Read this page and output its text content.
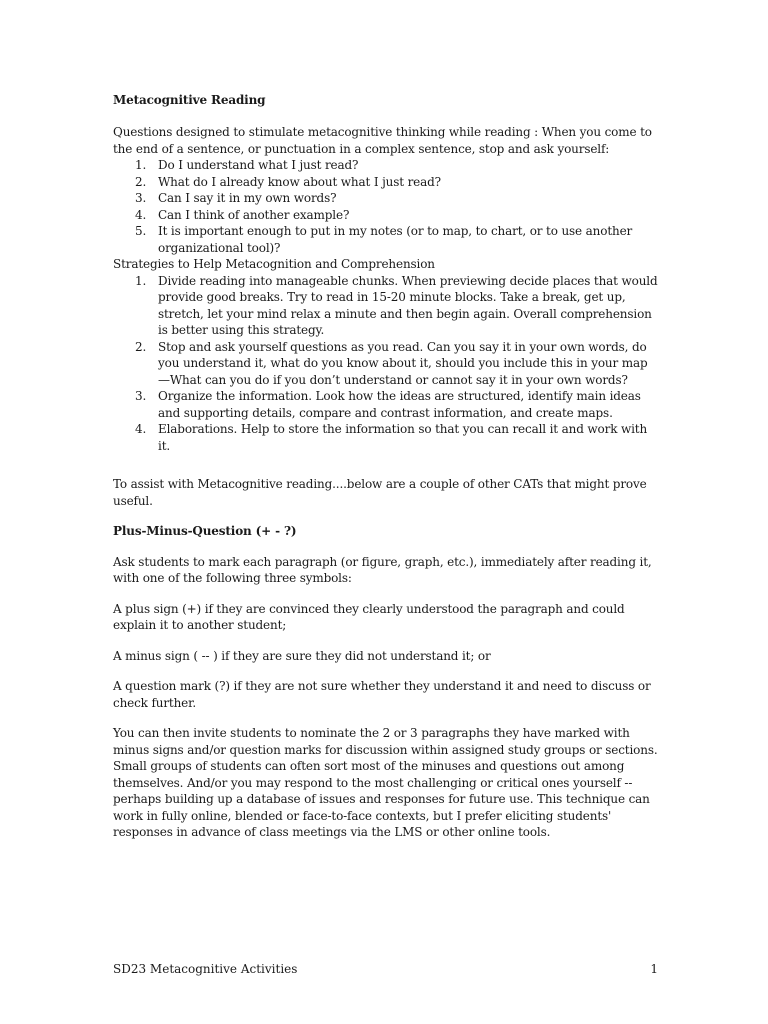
Metacognitive Reading

Questions designed to stimulate metacognitive thinking while reading : When you come to the end of a sentence, or punctuation in a complex sentence, stop and ask yourself:

1. Do I understand what I just read?
2. What do I already know about what I just read?
3. Can I say it in my own words?
4. Can I think of another example?
5. It is important enough to put in my notes (or to map, to chart, or to use another organizational tool)?

Strategies to Help Metacognition and Comprehension

1. Divide reading into manageable chunks. When previewing decide places that would provide good breaks. Try to read in 15-20 minute blocks. Take a break, get up, stretch, let your mind relax a minute and then begin again. Overall comprehension is better using this strategy.
2. Stop and ask yourself questions as you read. Can you say it in your own words, do you understand it, what do you know about it, should you include this in your map —What can you do if you don’t understand or cannot say it in your own words?
3. Organize the information. Look how the ideas are structured, identify main ideas and supporting details, compare and contrast information, and create maps.
4. Elaborations. Help to store the information so that you can recall it and work with it.

To assist with Metacognitive reading....below are a couple of other CATs that might prove useful.

Plus-Minus-Question (+ - ?)

Ask students to mark each paragraph (or figure, graph, etc.), immediately after reading it, with one of the following three symbols:

A plus sign (+) if they are convinced they clearly understood the paragraph and could explain it to another student;

A minus sign ( -- ) if they are sure they did not understand it; or

A question mark (?) if they are not sure whether they understand it and need to discuss or check further.

You can then invite students to nominate the 2 or 3 paragraphs they have marked with minus signs and/or question marks for discussion within assigned study groups or sections. Small groups of students can often sort most of the minuses and questions out among themselves. And/or you may respond to the most challenging or critical ones yourself -- perhaps building up a database of issues and responses for future use. This technique can work in fully online, blended or face-to-face contexts, but I prefer eliciting students' responses in advance of class meetings via the LMS or other online tools.

SD23 Metacognitive Activities	1
